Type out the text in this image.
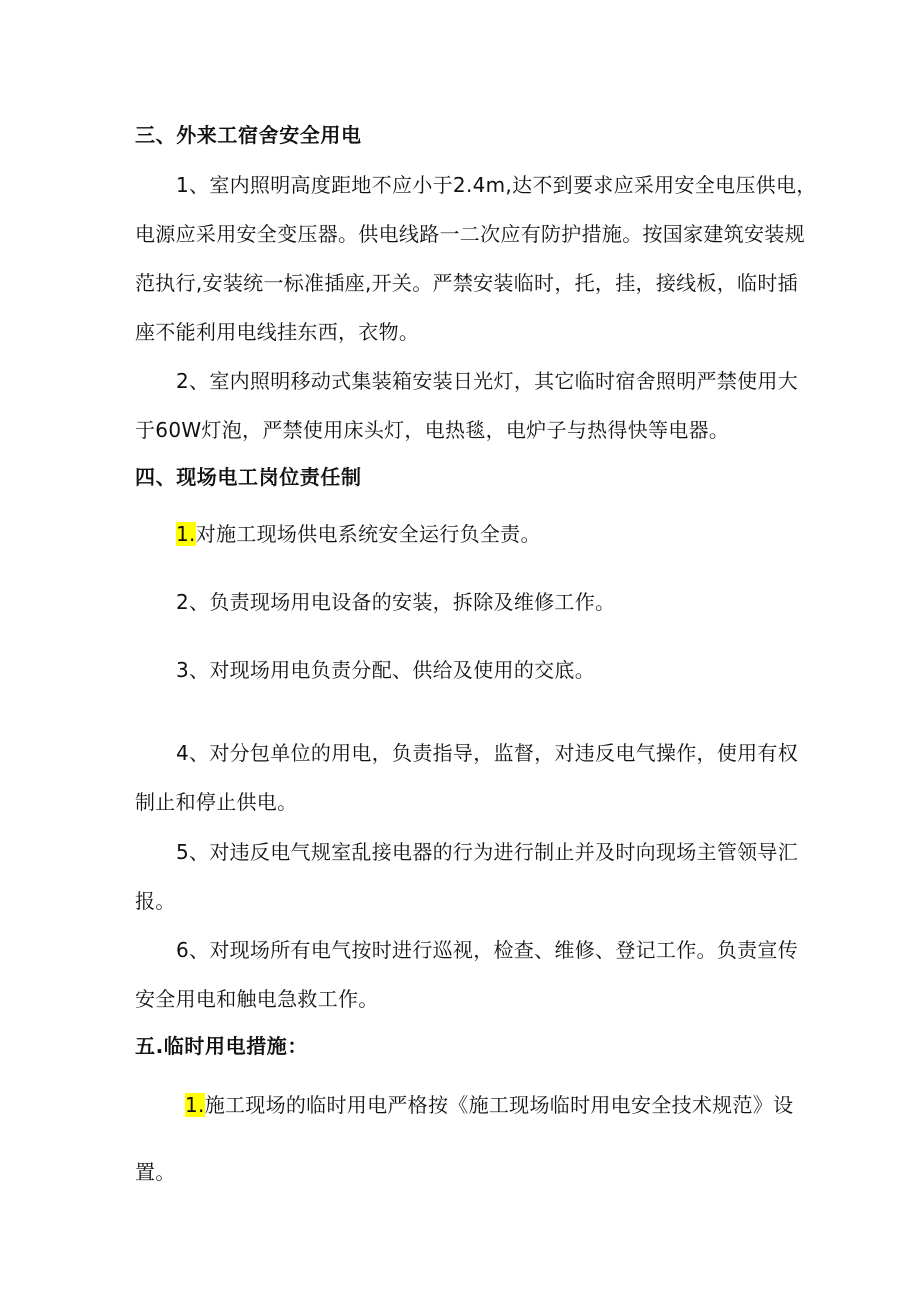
三、外来工宿舍安全用电
1、室内照明高度距地不应小于2.4m,达不到要求应采用安全电压供电，
电源应采用安全变压器。供电线路一二次应有防护措施。按国家建筑安装规
范执行,安装统一标准插座,开关。严禁安装临时，托，挂，接线板，临时插
座不能利用电线挂东西，衣物。
2、室内照明移动式集装箱安装日光灯，其它临时宿舍照明严禁使用大
于60W灯泡，严禁使用床头灯，电热毯，电炉子与热得快等电器。
四、现场电工岗位责任制
1.对施工现场供电系统安全运行负全责。
2、负责现场用电设备的安装，拆除及维修工作。
3、对现场用电负责分配、供给及使用的交底。
4、对分包单位的用电，负责指导，监督，对违反电气操作，使用有权
制止和停止供电。
5、对违反电气规室乱接电器的行为进行制止并及时向现场主管领导汇
报。
6、对现场所有电气按时进行巡视，检查、维修、登记工作。负责宣传
安全用电和触电急救工作。
五.临时用电措施：
1.施工现场的临时用电严格按《施工现场临时用电安全技术规范》设
置。
